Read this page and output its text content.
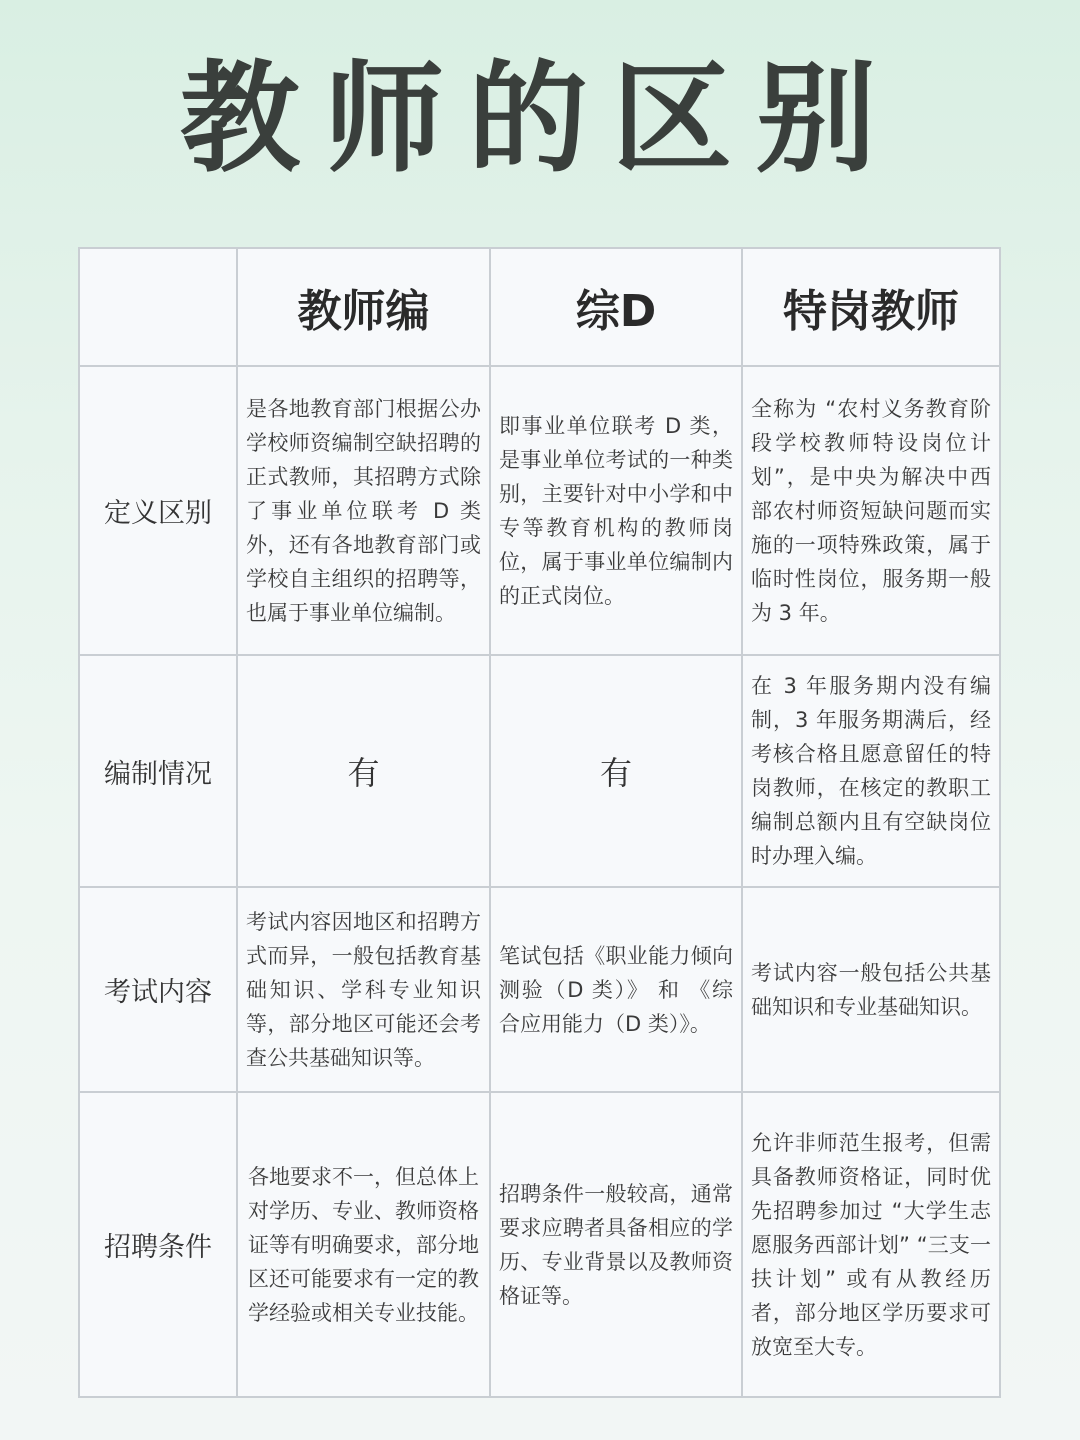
教师的区别
	教师编	综D	特岗教师
定义区别	是各地教育部门根据公办学校师资编制空缺招聘的正式教师，其招聘方式除了事业单位联考 D 类外，还有各地教育部门或学校自主组织的招聘等，也属于事业单位编制。	即事业单位联考 D 类，是事业单位考试的一种类别，主要针对中小学和中专等教育机构的教师岗位，属于事业单位编制内的正式岗位。	全称为 “农村义务教育阶段学校教师特设岗位计划”，是中央为解决中西部农村师资短缺问题而实施的一项特殊政策，属于临时性岗位，服务期一般为 3 年。
编制情况	有	有	在 3 年服务期内没有编制，3 年服务期满后，经考核合格且愿意留任的特岗教师，在核定的教职工编制总额内且有空缺岗位时办理入编。
考试内容	考试内容因地区和招聘方式而异，一般包括教育基础知识、学科专业知识等，部分地区可能还会考查公共基础知识等。	笔试包括《职业能力倾向测验（D 类）》 和 《综合应用能力（D 类）》。	考试内容一般包括公共基础知识和专业基础知识。
招聘条件	各地要求不一，但总体上对学历、专业、教师资格证等有明确要求，部分地区还可能要求有一定的教学经验或相关专业技能。	招聘条件一般较高，通常要求应聘者具备相应的学历、专业背景以及教师资格证等。	允许非师范生报考，但需具备教师资格证，同时优先招聘参加过 “大学生志愿服务西部计划” “三支一扶计划” 或有从教经历者，部分地区学历要求可放宽至大专。
